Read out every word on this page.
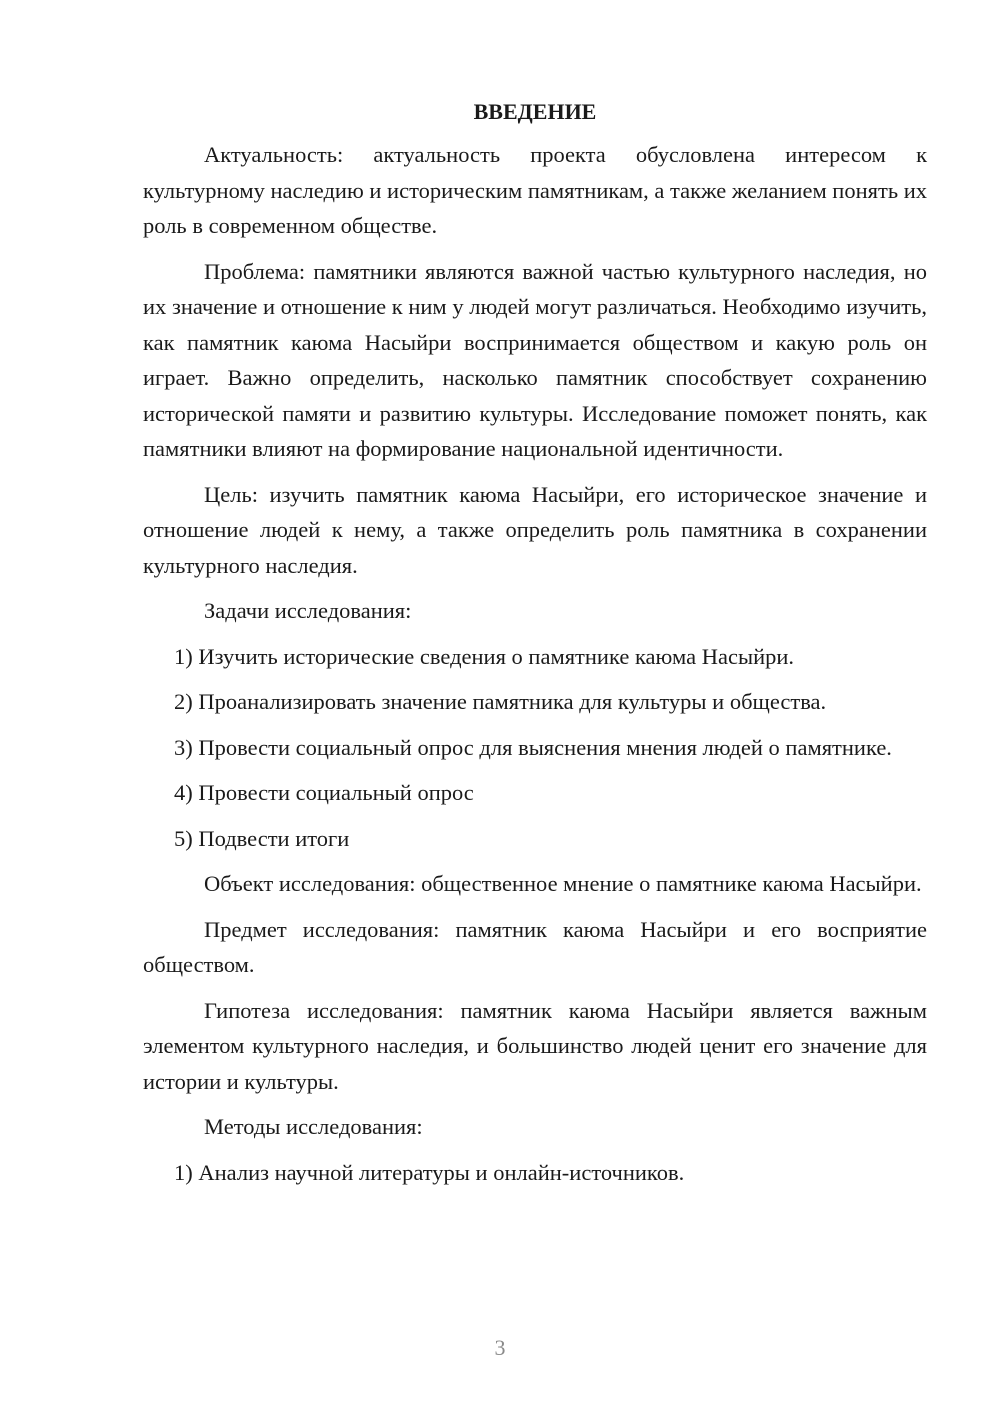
ВВЕДЕНИЕ

Актуальность: актуальность проекта обусловлена интересом к культурному наследию и историческим памятникам, а также желанием понять их роль в современном обществе.

Проблема: памятники являются важной частью культурного наследия, но их значение и отношение к ним у людей могут различаться. Необходимо изучить, как памятник каюма Насыйри воспринимается обществом и какую роль он играет. Важно определить, насколько памятник способствует сохранению исторической памяти и развитию культуры. Исследование поможет понять, как памятники влияют на формирование национальной идентичности.

Цель: изучить памятник каюма Насыйри, его историческое значение и отношение людей к нему, а также определить роль памятника в сохранении культурного наследия.

Задачи исследования:

1) Изучить исторические сведения о памятнике каюма Насыйри.

2) Проанализировать значение памятника для культуры и общества.

3) Провести социальный опрос для выяснения мнения людей о памятнике.

4) Провести социальный опрос

5) Подвести итоги

Объект исследования: общественное мнение о памятнике каюма Насыйри.

Предмет исследования: памятник каюма Насыйри и его восприятие обществом.

Гипотеза исследования: памятник каюма Насыйри является важным элементом культурного наследия, и большинство людей ценит его значение для истории и культуры.

Методы исследования:

1) Анализ научной литературы и онлайн-источников.

3
